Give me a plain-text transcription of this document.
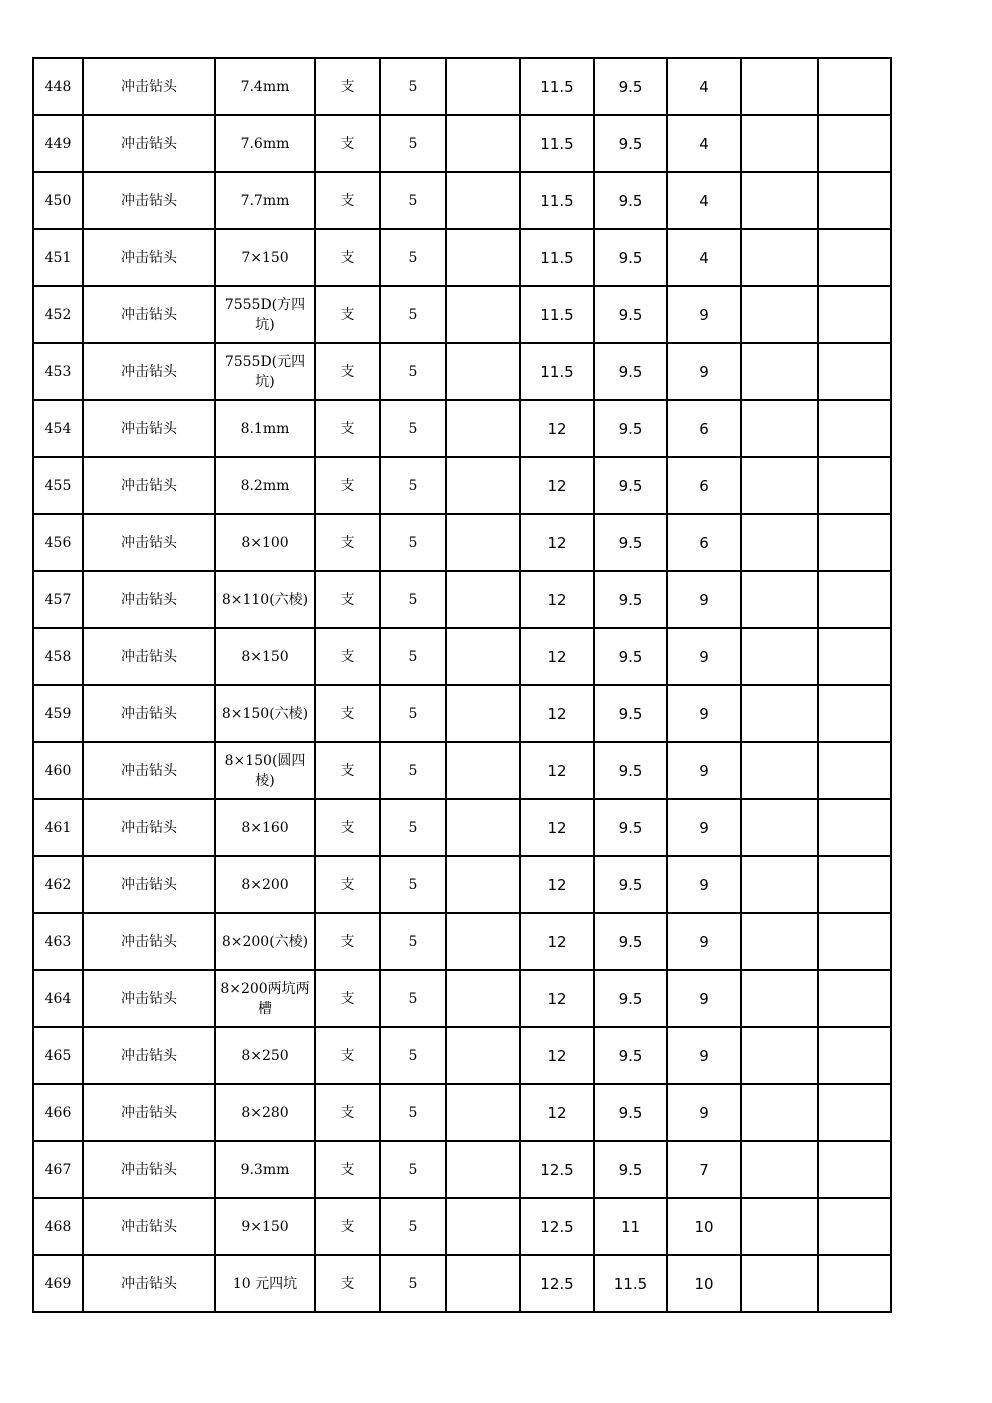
448	冲击钻头	7.4mm	支	5		11.5	9.5	4		
449	冲击钻头	7.6mm	支	5		11.5	9.5	4		
450	冲击钻头	7.7mm	支	5		11.5	9.5	4		
451	冲击钻头	7×150	支	5		11.5	9.5	4		
452	冲击钻头	7555D(方四坑)	支	5		11.5	9.5	9		
453	冲击钻头	7555D(元四坑)	支	5		11.5	9.5	9		
454	冲击钻头	8.1mm	支	5		12	9.5	6		
455	冲击钻头	8.2mm	支	5		12	9.5	6		
456	冲击钻头	8×100	支	5		12	9.5	6		
457	冲击钻头	8×110(六棱)	支	5		12	9.5	9		
458	冲击钻头	8×150	支	5		12	9.5	9		
459	冲击钻头	8×150(六棱)	支	5		12	9.5	9		
460	冲击钻头	8×150(圆四棱)	支	5		12	9.5	9		
461	冲击钻头	8×160	支	5		12	9.5	9		
462	冲击钻头	8×200	支	5		12	9.5	9		
463	冲击钻头	8×200(六棱)	支	5		12	9.5	9		
464	冲击钻头	8×200两坑两槽	支	5		12	9.5	9		
465	冲击钻头	8×250	支	5		12	9.5	9		
466	冲击钻头	8×280	支	5		12	9.5	9		
467	冲击钻头	9.3mm	支	5		12.5	9.5	7		
468	冲击钻头	9×150	支	5		12.5	11	10		
469	冲击钻头	10 元四坑	支	5		12.5	11.5	10		
